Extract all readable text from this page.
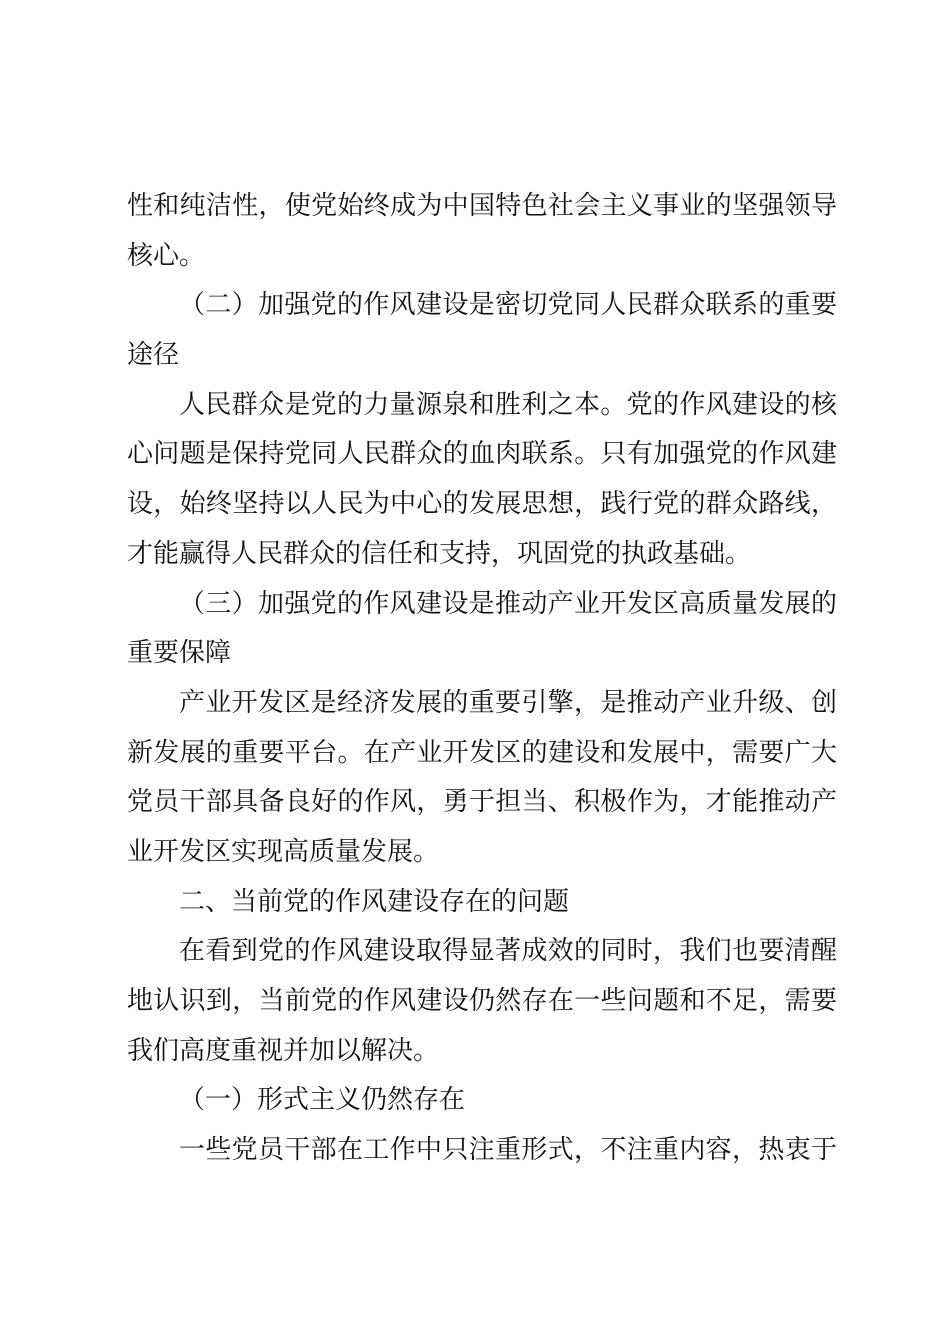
性和纯洁性，使党始终成为中国特色社会主义事业的坚强领导
核心。
（二）加强党的作风建设是密切党同人民群众联系的重要
途径
人民群众是党的力量源泉和胜利之本。党的作风建设的核
心问题是保持党同人民群众的血肉联系。只有加强党的作风建
设，始终坚持以人民为中心的发展思想，践行党的群众路线，
才能赢得人民群众的信任和支持，巩固党的执政基础。
（三）加强党的作风建设是推动产业开发区高质量发展的
重要保障
产业开发区是经济发展的重要引擎，是推动产业升级、创
新发展的重要平台。在产业开发区的建设和发展中，需要广大
党员干部具备良好的作风，勇于担当、积极作为，才能推动产
业开发区实现高质量发展。
二、当前党的作风建设存在的问题
在看到党的作风建设取得显著成效的同时，我们也要清醒
地认识到，当前党的作风建设仍然存在一些问题和不足，需要
我们高度重视并加以解决。
（一）形式主义仍然存在
一些党员干部在工作中只注重形式，不注重内容，热衷于
